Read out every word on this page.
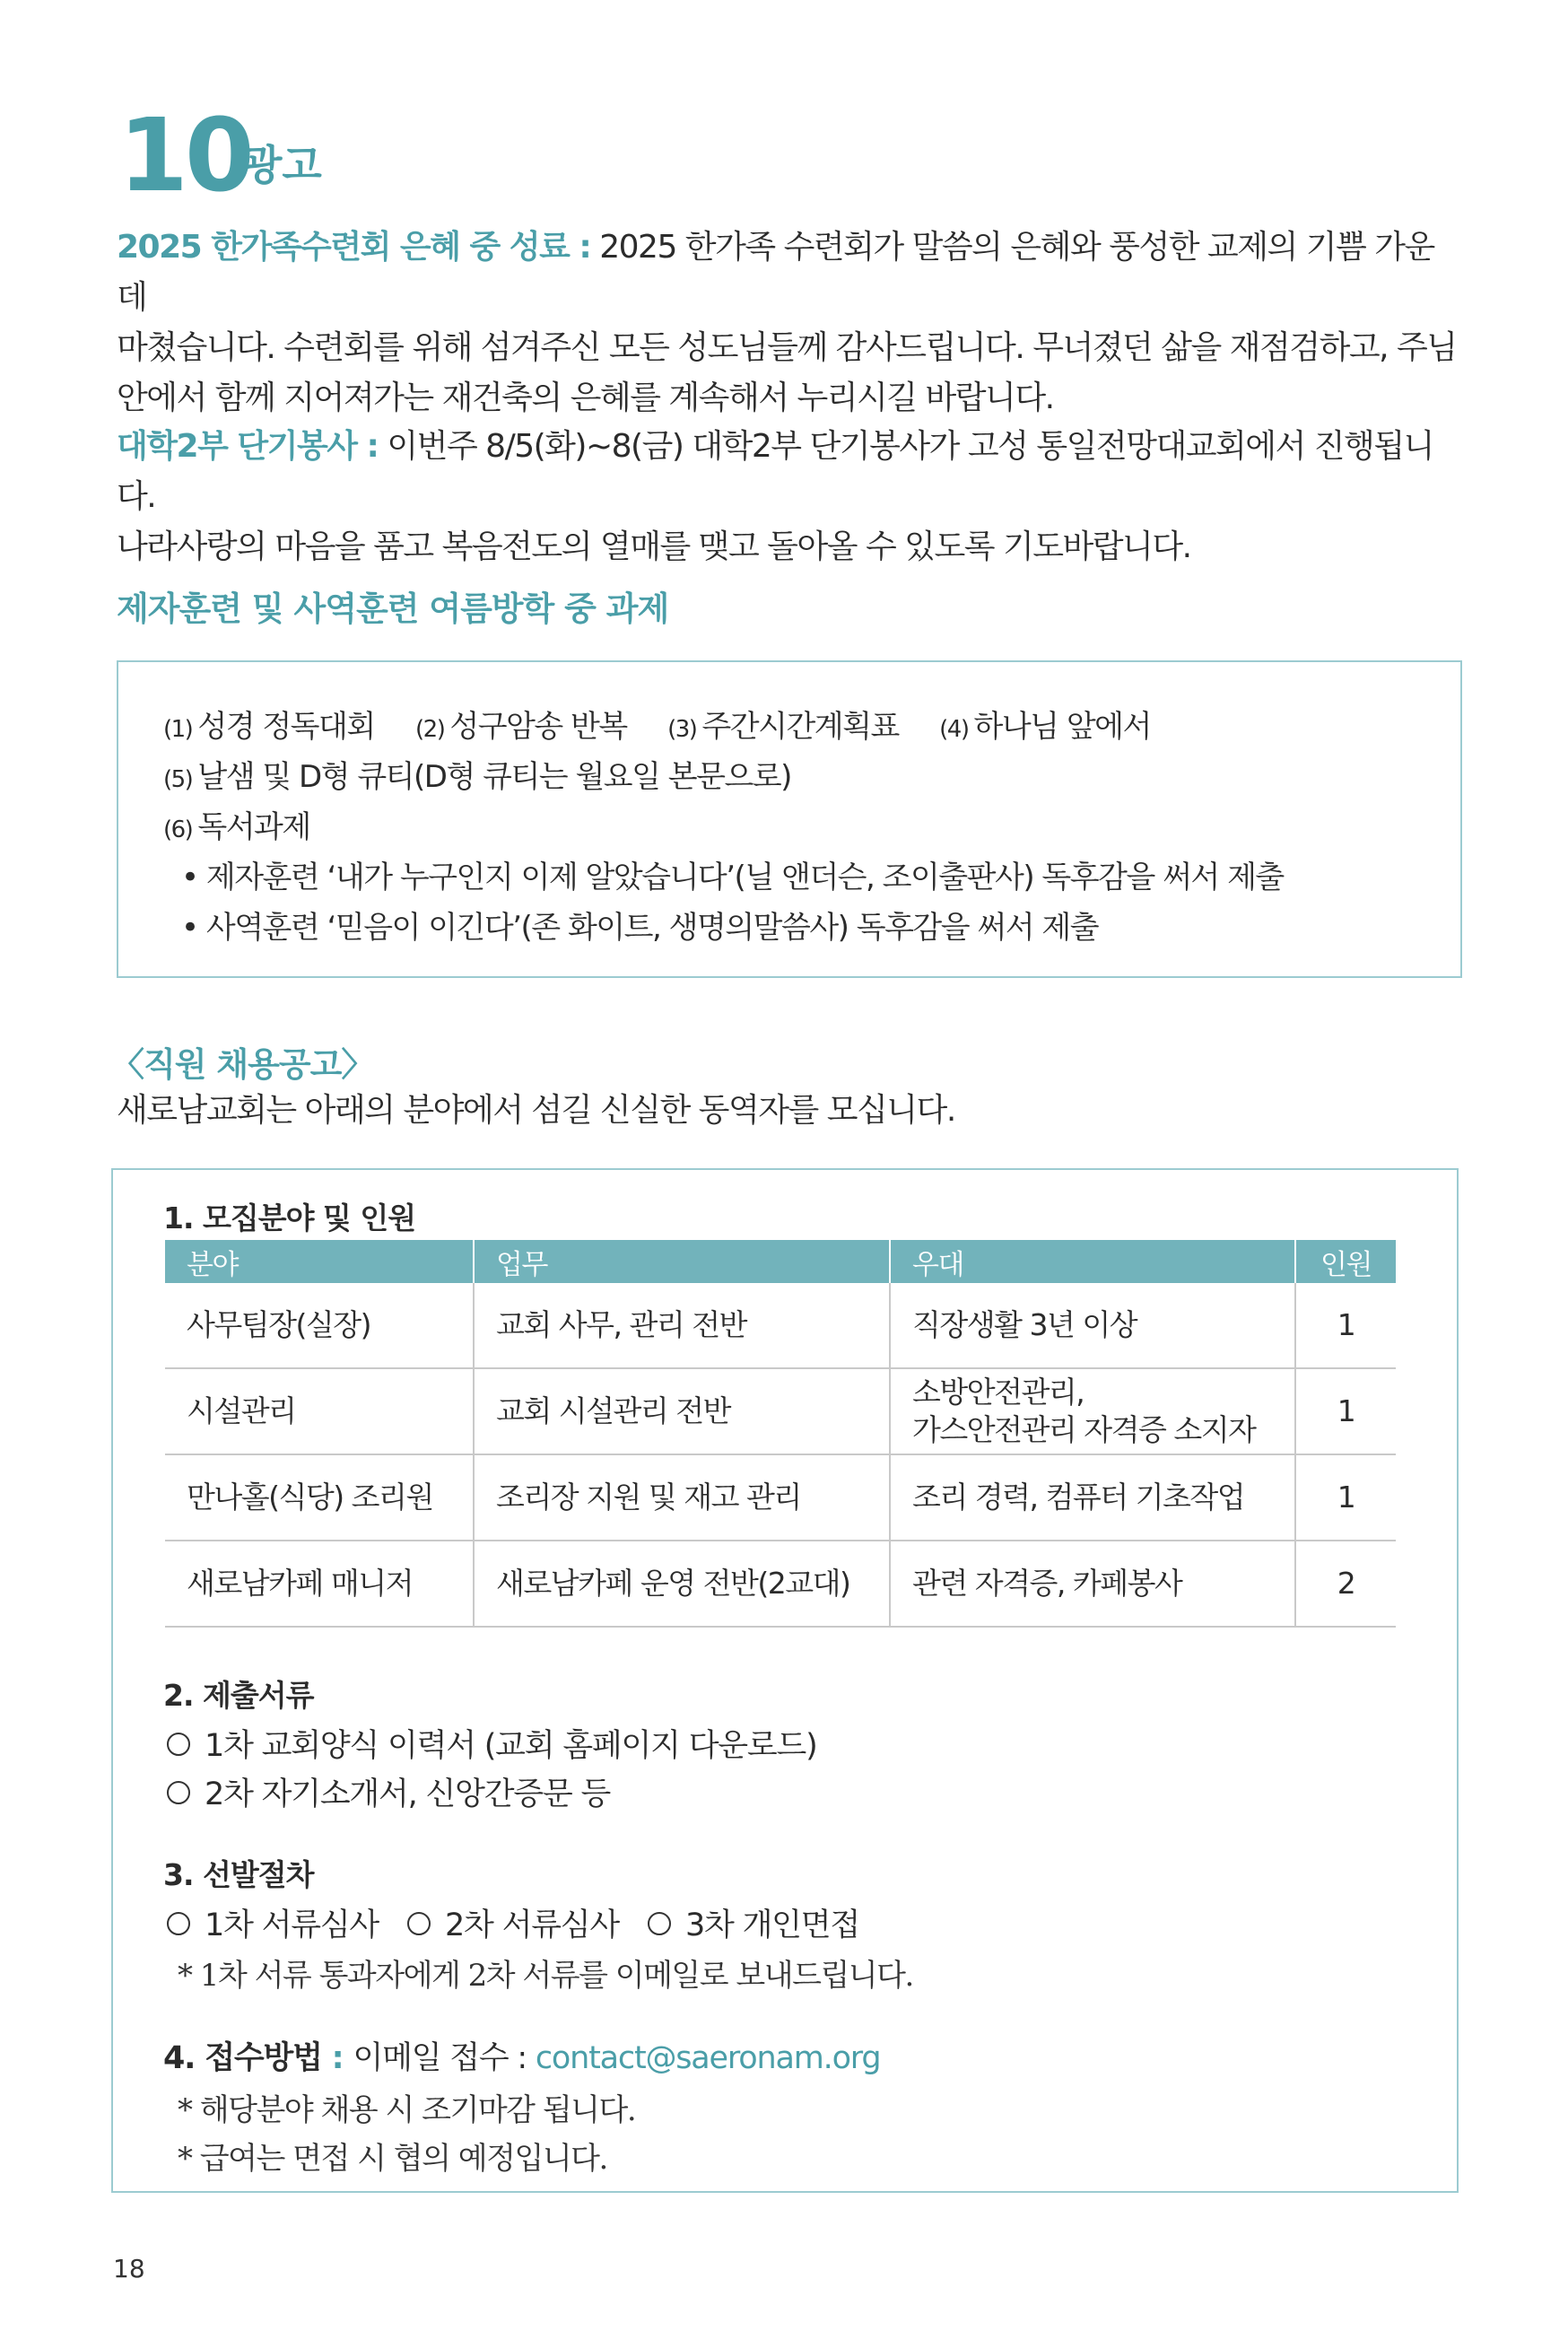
10
광고
2025 한가족수련회 은혜 중 성료 : 2025 한가족 수련회가 말씀의 은혜와 풍성한 교제의 기쁨 가운데
마쳤습니다. 수련회를 위해 섬겨주신 모든 성도님들께 감사드립니다. 무너졌던 삶을 재점검하고, 주님
안에서 함께 지어져가는 재건축의 은혜를 계속해서 누리시길 바랍니다.
대학2부 단기봉사 : 이번주 8/5(화)~8(금) 대학2부 단기봉사가 고성 통일전망대교회에서 진행됩니다.
나라사랑의 마음을 품고 복음전도의 열매를 맺고 돌아올 수 있도록 기도바랍니다.
제자훈련 및 사역훈련 여름방학 중 과제
(1) 성경 정독대회 (2) 성구암송 반복 (3) 주간시간계획표 (4) 하나님 앞에서
(5) 날샘 및 D형 큐티(D형 큐티는 월요일 본문으로)
(6) 독서과제
• 제자훈련 ‘내가 누구인지 이제 알았습니다’(닐 앤더슨, 조이출판사) 독후감을 써서 제출
• 사역훈련 ‘믿음이 이긴다’(존 화이트, 생명의말씀사) 독후감을 써서 제출
〈직원 채용공고〉
새로남교회는 아래의 분야에서 섬길 신실한 동역자를 모십니다.
1. 모집분야 및 인원
분야	업무	우대	인원
사무팀장(실장)	교회 사무, 관리 전반	직장생활 3년 이상	1
시설관리	교회 시설관리 전반	소방안전관리,
가스안전관리 자격증 소지자	1
만나홀(식당) 조리원	조리장 지원 및 재고 관리	조리 경력, 컴퓨터 기초작업	1
새로남카페 매니저	새로남카페 운영 전반(2교대)	관련 자격증, 카페봉사	2
2. 제출서류
1차 교회양식 이력서 (교회 홈페이지 다운로드)
2차 자기소개서, 신앙간증문 등
3. 선발절차
1차 서류심사 2차 서류심사 3차 개인면접
* 1차 서류 통과자에게 2차 서류를 이메일로 보내드립니다.
4. 접수방법 : 이메일 접수 : contact@saeronam.org
* 해당분야 채용 시 조기마감 됩니다.
* 급여는 면접 시 협의 예정입니다.
18
